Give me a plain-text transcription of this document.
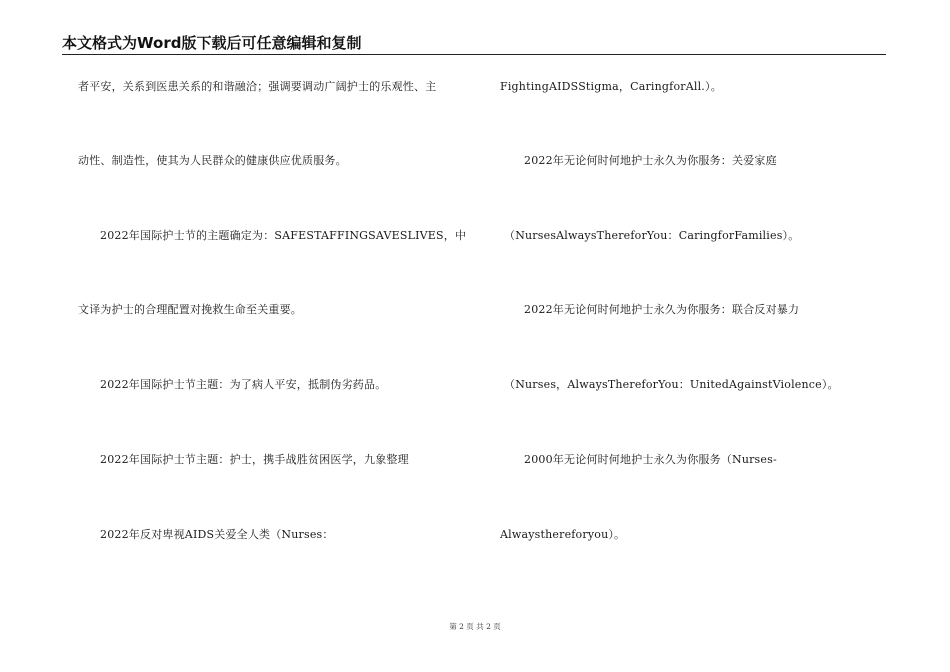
本文格式为Word版下载后可任意编辑和复制
者平安，关系到医患关系的和谐融洽；强调要调动广阔护士的乐观性、主
动性、制造性，使其为人民群众的健康供应优质服务。
2022年国际护士节的主题确定为：SAFESTAFFINGSAVESLIVES，中
文译为护士的合理配置对挽救生命至关重要。
2022年国际护士节主题：为了病人平安，抵制伪劣药品。
2022年国际护士节主题：护士，携手战胜贫困医学，九象整理
2022年反对卑视AIDS关爱全人类（Nurses：
FightingAIDSStigma，CaringforAll.）。
2022年无论何时何地护士永久为你服务：关爱家庭
（NursesAlwaysThereforYou：CaringforFamilies）。
2022年无论何时何地护士永久为你服务：联合反对暴力
（Nurses，AlwaysThereforYou：UnitedAgainstViolence）。
2000年无论何时何地护士永久为你服务（Nurses-
Alwaysthereforyou）。
第 2 页 共 2 页
